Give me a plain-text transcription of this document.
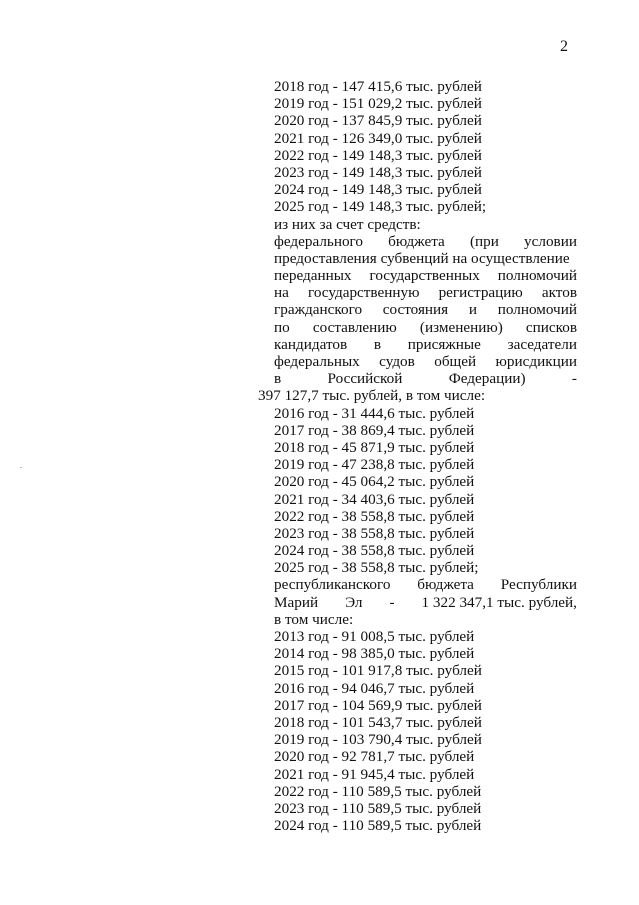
2
2018 год - 147 415,6 тыс. рублей
2019 год - 151 029,2 тыс. рублей
2020 год - 137 845,9 тыс. рублей
2021 год - 126 349,0 тыс. рублей
2022 год - 149 148,3 тыс. рублей
2023 год - 149 148,3 тыс. рублей
2024 год - 149 148,3 тыс. рублей
2025 год - 149 148,3 тыс. рублей;
из них за счет средств:
федерального бюджета (при условии
предоставления субвенций на осуществление
переданных государственных полномочий
на государственную регистрацию актов
гражданского состояния и полномочий
по составлению (изменению) списков
кандидатов в присяжные заседатели
федеральных судов общей юрисдикции
в	Российской	Федерации)	-
397 127,7 тыс. рублей, в том числе:
2016 год - 31 444,6 тыс. рублей
2017 год - 38 869,4 тыс. рублей
2018 год - 45 871,9 тыс. рублей
2019 год - 47 238,8 тыс. рублей
2020 год - 45 064,2 тыс. рублей
2021 год - 34 403,6 тыс. рублей
2022 год - 38 558,8 тыс. рублей
2023 год - 38 558,8 тыс. рублей
2024 год - 38 558,8 тыс. рублей
2025 год - 38 558,8 тыс. рублей;
республиканского бюджета Республики
Марий Эл - 1 322 347,1 тыс. рублей,
в том числе:
2013 год - 91 008,5 тыс. рублей
2014 год - 98 385,0 тыс. рублей
2015 год - 101 917,8 тыс. рублей
2016 год - 94 046,7 тыс. рублей
2017 год - 104 569,9 тыс. рублей
2018 год - 101 543,7 тыс. рублей
2019 год - 103 790,4 тыс. рублей
2020 год - 92 781,7 тыс. рублей
2021 год - 91 945,4 тыс. рублей
2022 год - 110 589,5 тыс. рублей
2023 год - 110 589,5 тыс. рублей
2024 год - 110 589,5 тыс. рублей
